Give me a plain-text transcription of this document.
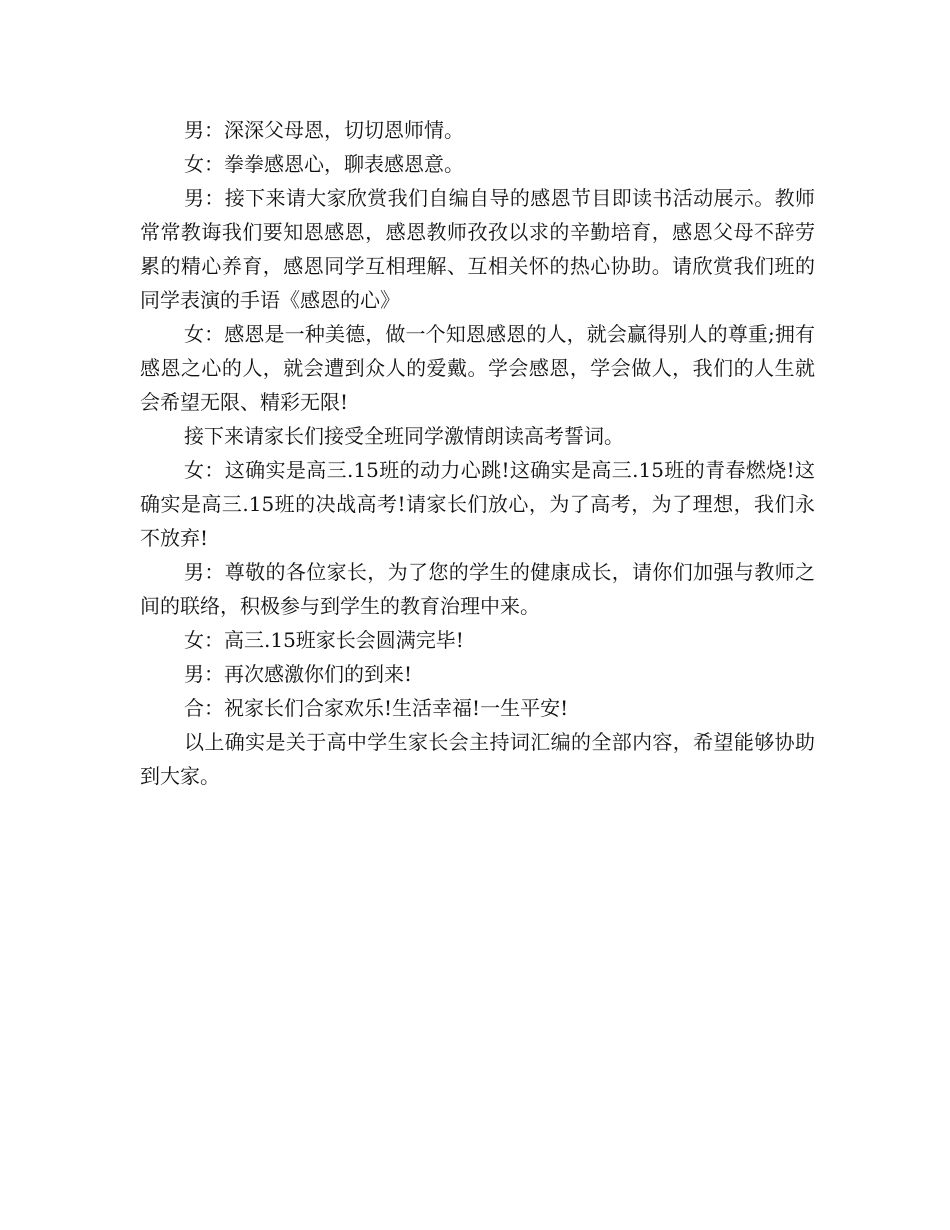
男：深深父母恩，切切恩师情。

女：拳拳感恩心，聊表感恩意。

男：接下来请大家欣赏我们自编自导的感恩节目即读书活动展示。教师常常教诲我们要知恩感恩，感恩教师孜孜以求的辛勤培育，感恩父母不辞劳累的精心养育，感恩同学互相理解、互相关怀的热心协助。请欣赏我们班的同学表演的手语《感恩的心》

女：感恩是一种美德，做一个知恩感恩的人，就会赢得别人的尊重;拥有感恩之心的人，就会遭到众人的爱戴。学会感恩，学会做人，我们的人生就会希望无限、精彩无限!

接下来请家长们接受全班同学激情朗读高考誓词。

女：这确实是高三.15班的动力心跳!这确实是高三.15班的青春燃烧!这确实是高三.15班的决战高考!请家长们放心，为了高考，为了理想，我们永不放弃!

男：尊敬的各位家长，为了您的学生的健康成长，请你们加强与教师之间的联络，积极参与到学生的教育治理中来。

女：高三.15班家长会圆满完毕!

男：再次感激你们的到来!

合：祝家长们合家欢乐!生活幸福!一生平安!

以上确实是关于高中学生家长会主持词汇编的全部内容，希望能够协助到大家。
